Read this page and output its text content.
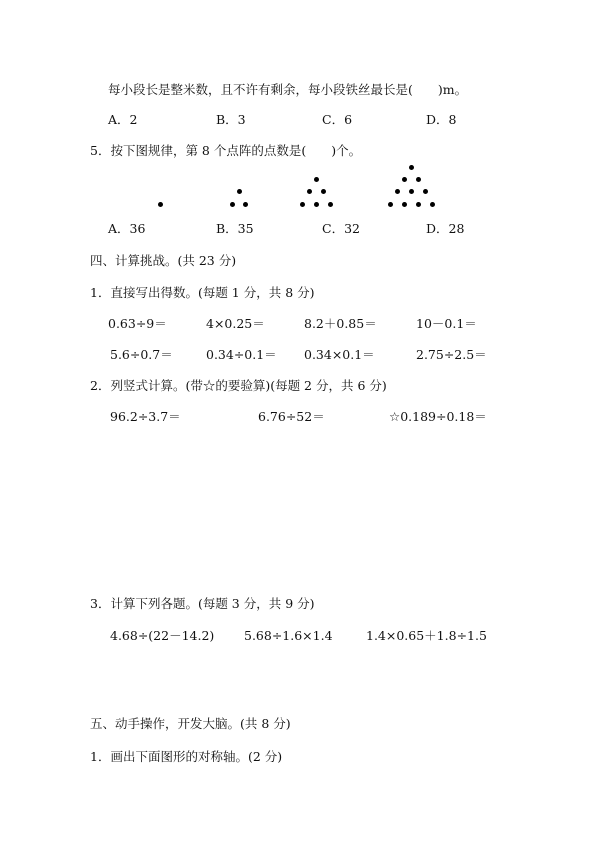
每小段长是整米数，且不许有剩余，每小段铁丝最长是(　　)m。
A．2	B．3	C．6	D．8
5．按下图规律，第 8 个点阵的点数是(　　)个。
A．36	B．35	C．32	D．28
四、计算挑战。(共 23 分)
1．直接写出得数。(每题 1 分，共 8 分)
0.63÷9＝	4×0.25＝	8.2＋0.85＝	10－0.1＝
5.6÷0.7＝	0.34÷0.1＝ 0.34×0.1＝	2.75÷2.5＝
2．列竖式计算。(带☆的要验算)(每题 2 分，共 6 分)
96.2÷3.7＝	6.76÷52＝	☆0.189÷0.18＝
3．计算下列各题。(每题 3 分，共 9 分)
4.68÷(22－14.2) 5.68÷1.6×1.4	1.4×0.65＋1.8÷1.5
五、动手操作，开发大脑。(共 8 分)
1．画出下面图形的对称轴。(2 分)
